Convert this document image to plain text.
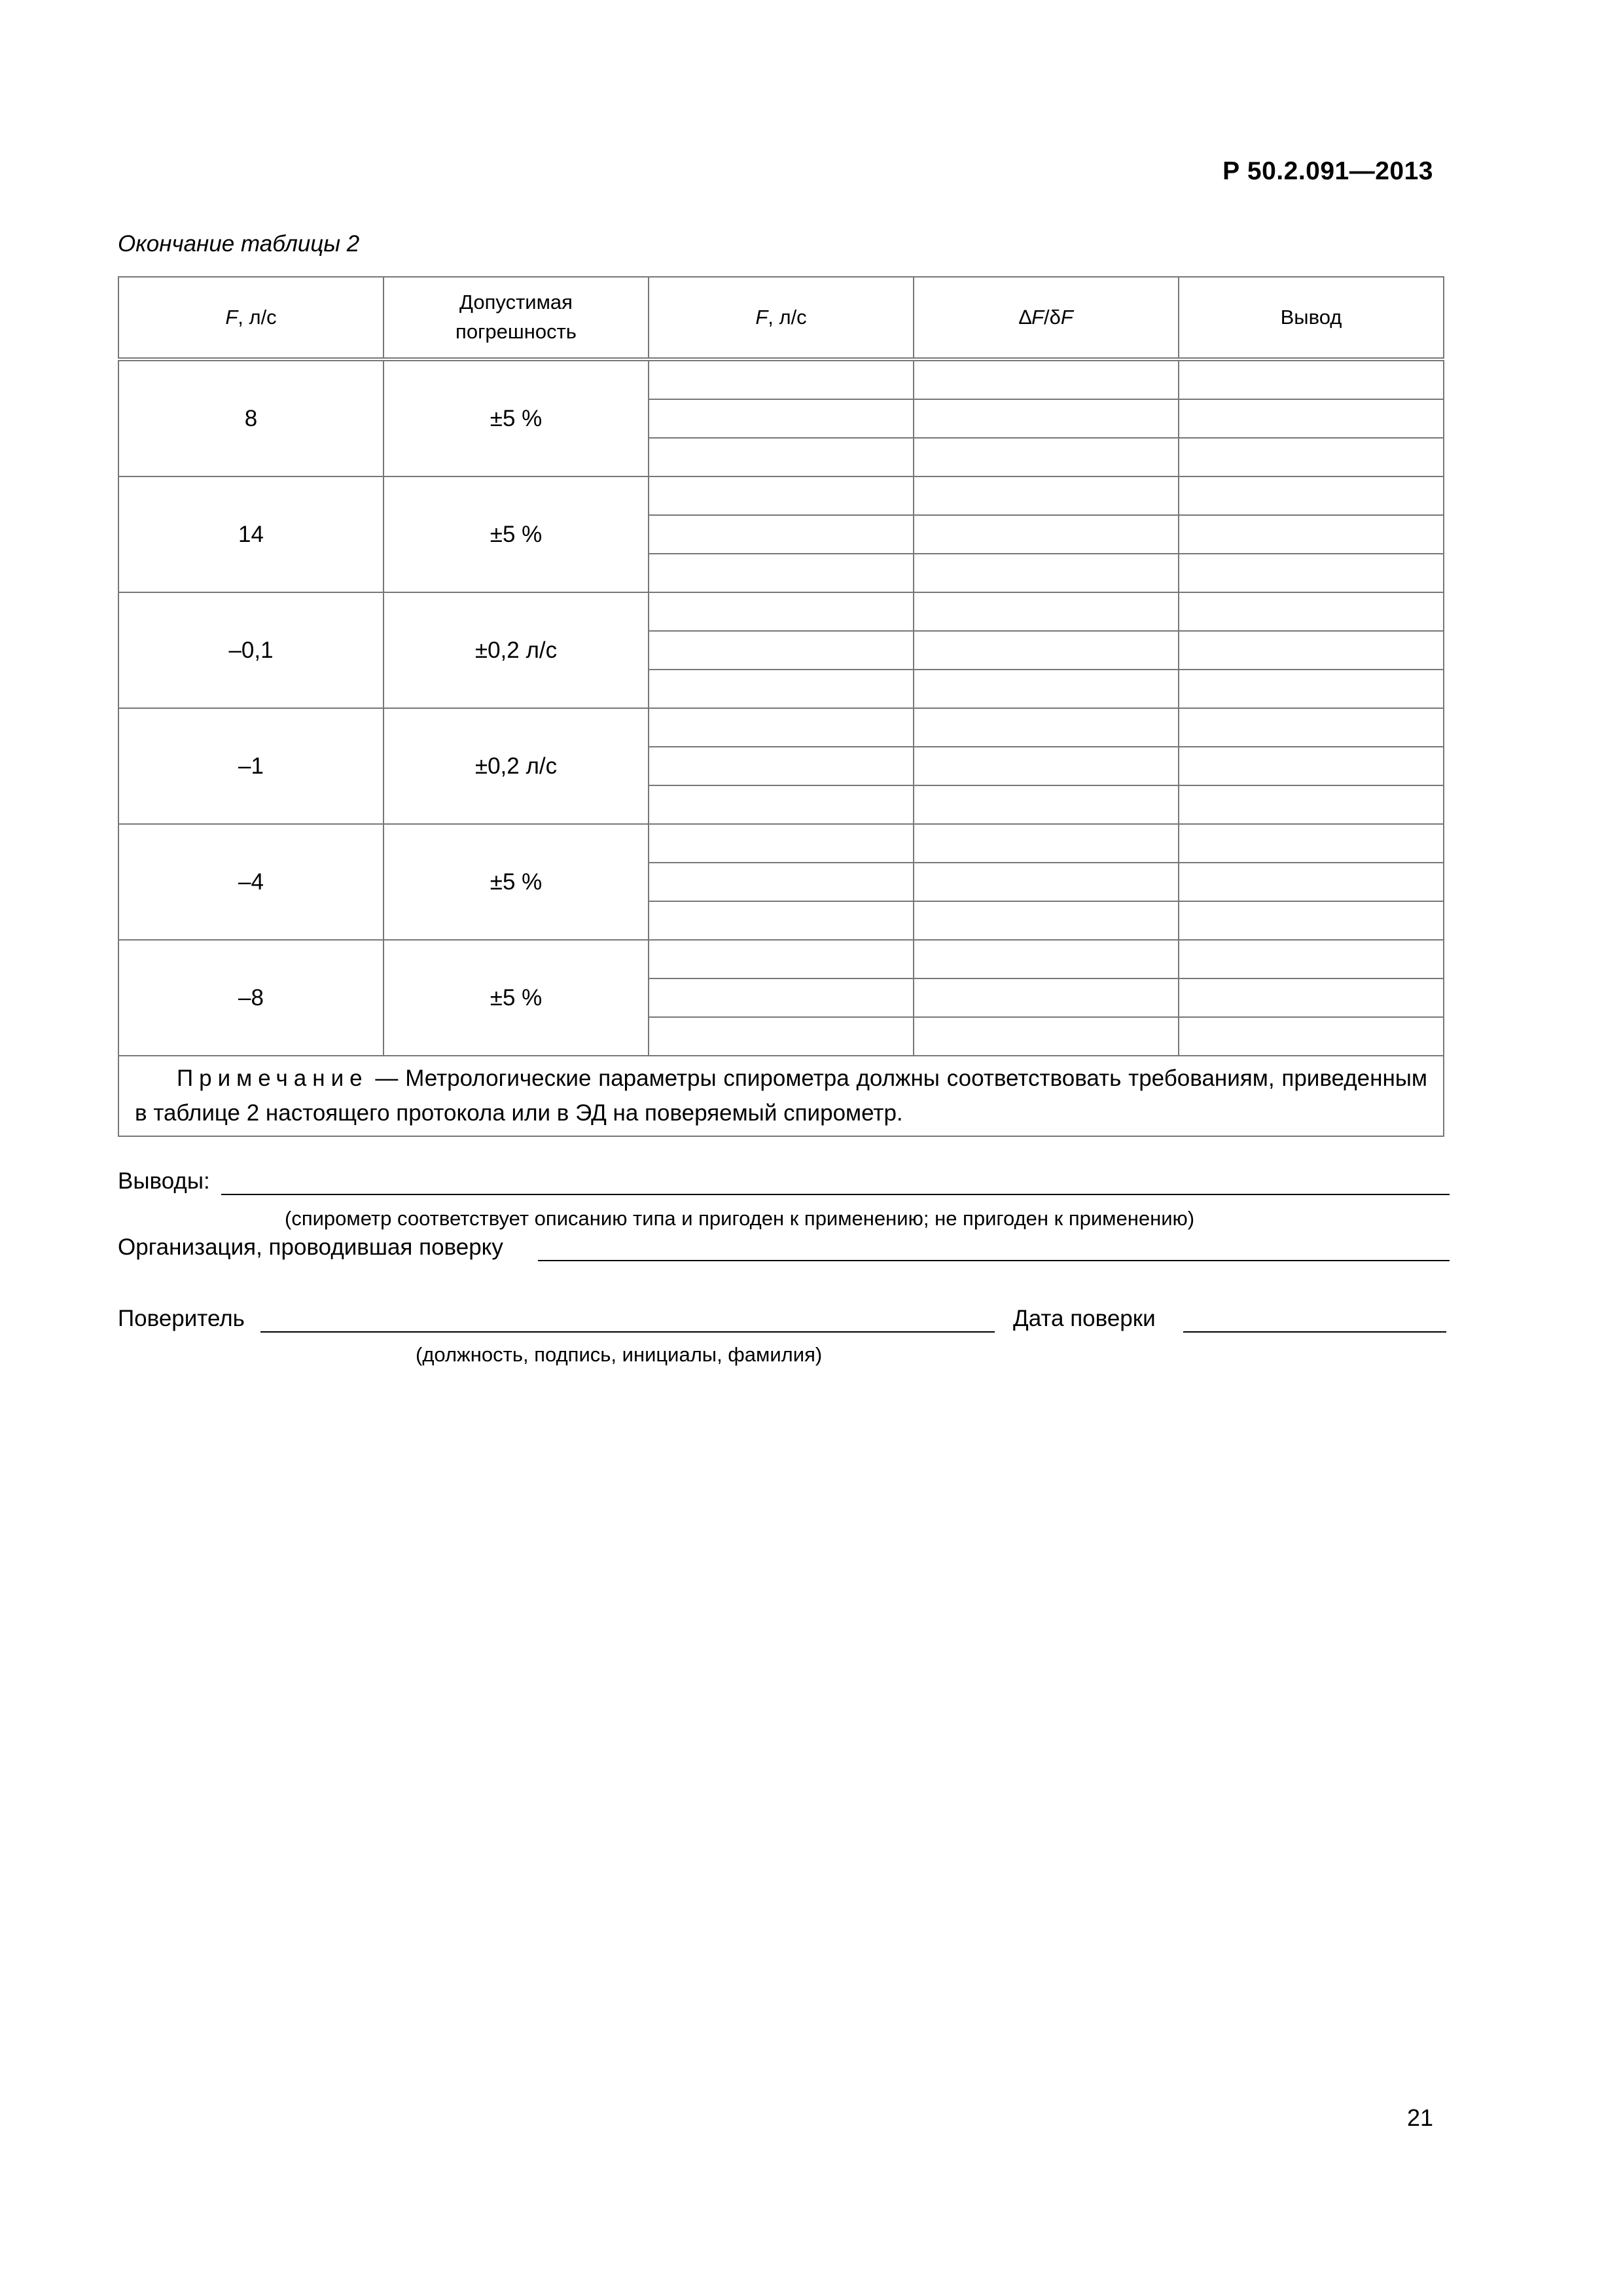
Р 50.2.091—2013
Окончание таблицы 2
F, л/с	Допустимая погрешность	F, л/с	∆F/δF	Вывод
8	±5 %			

14	±5 %			

–0,1	±0,2 л/с			

–1	±0,2 л/с			

–4	±5 %			

–8	±5 %			

Примечание — Метрологические параметры спирометра должны соответствовать требованиям, приведенным в таблице 2 настоящего протокола или в ЭД на поверяемый спирометр.				
Выводы:
(спирометр соответствует описанию типа и пригоден к применению; не пригоден к применению)
Организация, проводившая поверку
Поверитель	Дата поверки
(должность, подпись, инициалы, фамилия)
21
